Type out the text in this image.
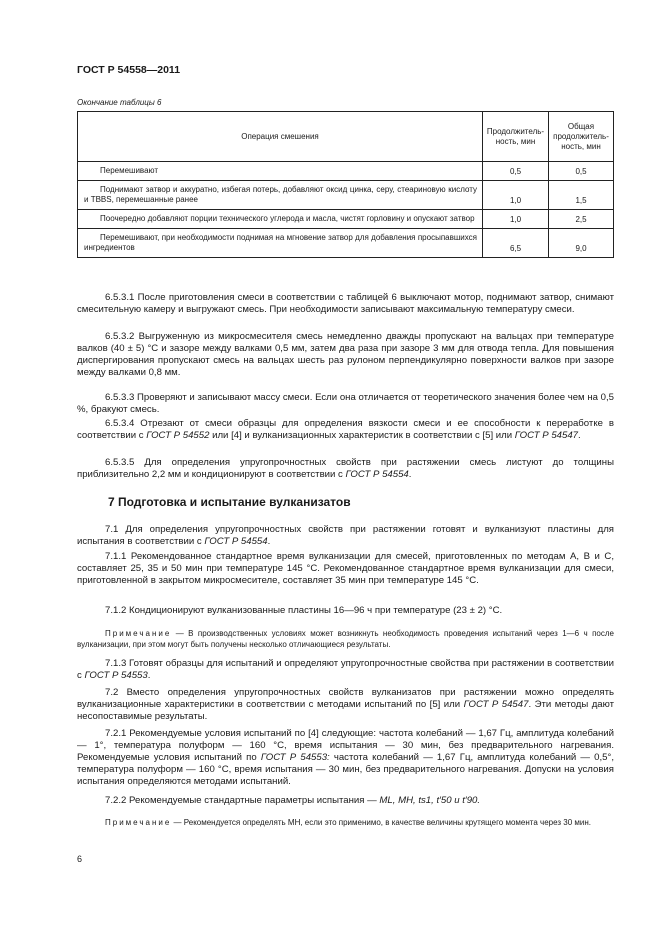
ГОСТ Р 54558—2011
Окончание таблицы 6
Операция смешения	Продолжитель-ность, мин	Общая продолжитель-ность, мин

Перемешивают	0,5	0,5

Поднимают затвор и аккуратно, избегая потерь, добавляют оксид цинка, серу, стеариновую кислоту и TBBS, перемешанные ранее	1,0	1,5

Поочередно добавляют порции технического углерода и масла, чистят горловину и опускают затвор	1,0	2,5

Перемешивают, при необходимости поднимая на мгновение затвор для добавления просыпавшихся ингредиентов	6,5	9,0
6.5.3.1 После приготовления смеси в соответствии с таблицей 6 выключают мотор, поднимают затвор, снимают смесительную камеру и выгружают смесь. При необходимости записывают максимальную температуру смеси.
6.5.3.2 Выгруженную из микросмесителя смесь немедленно дважды пропускают на вальцах при температуре валков (40 ± 5) °С и зазоре между валками 0,5 мм, затем два раза при зазоре 3 мм для отвода тепла. Для повышения диспергирования пропускают смесь на вальцах шесть раз рулоном перпендикулярно поверхности валков при зазоре между валками 0,8 мм.
6.5.3.3 Проверяют и записывают массу смеси. Если она отличается от теоретического значения более чем на 0,5 %, бракуют смесь.
6.5.3.4 Отрезают от смеси образцы для определения вязкости смеси и ее способности к переработке в соответствии с ГОСТ Р 54552 или [4] и вулканизационных характеристик в соответствии с [5] или ГОСТ Р 54547.
6.5.3.5 Для определения упругопрочностных свойств при растяжении смесь листуют до толщины приблизительно 2,2 мм и кондиционируют в соответствии с ГОСТ Р 54554.
7 Подготовка и испытание вулканизатов
7.1 Для определения упругопрочностных свойств при растяжении готовят и вулканизуют пластины для испытания в соответствии с ГОСТ Р 54554.
7.1.1 Рекомендованное стандартное время вулканизации для смесей, приготовленных по методам А, В и С, составляет 25, 35 и 50 мин при температуре 145 °С. Рекомендованное стандартное время вулканизации для смеси, приготовленной в закрытом микросмесителе, составляет 35 мин при температуре 145 °С.
7.1.2 Кондиционируют вулканизованные пластины 16—96 ч при температуре (23 ± 2) °С.
Примечание — В производственных условиях может возникнуть необходимость проведения испытаний через 1—6 ч после вулканизации, при этом могут быть получены несколько отличающиеся результаты.
7.1.3 Готовят образцы для испытаний и определяют упругопрочностные свойства при растяжении в соответствии с ГОСТ Р 54553.
7.2 Вместо определения упругопрочностных свойств вулканизатов при растяжении можно определять вулканизационные характеристики в соответствии с методами испытаний по [5] или ГОСТ Р 54547. Эти методы дают несопоставимые результаты.
7.2.1 Рекомендуемые условия испытаний по [4] следующие: частота колебаний — 1,67 Гц, амплитуда колебаний — 1°, температура полуформ — 160 °С, время испытания — 30 мин, без предварительного нагревания. Рекомендуемые условия испытаний по ГОСТ Р 54553: частота колебаний — 1,67 Гц, амплитуда колебаний — 0,5°, температура полуформ — 160 °С, время испытания — 30 мин, без предварительного нагревания. Допуски на условия испытания определяются методами испытаний.
7.2.2 Рекомендуемые стандартные параметры испытания — ML, MH, ts1, t′50 и t′90.
Примечание — Рекомендуется определять MH, если это применимо, в качестве величины крутящего момента через 30 мин.
6
